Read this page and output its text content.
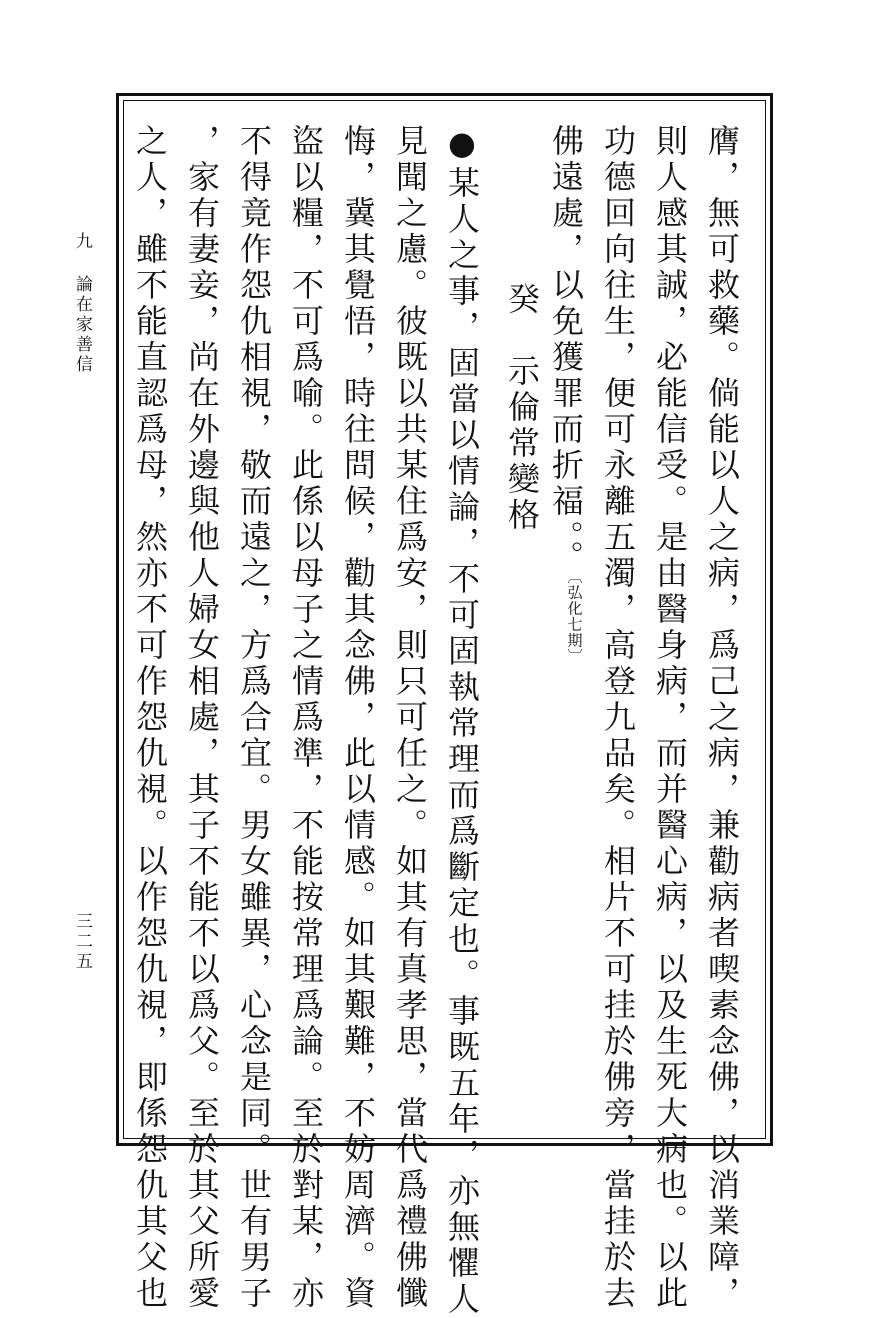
九 論在家善信
三二五	膺，無可救藥。倘能以人之病，爲己之病，兼勸病者喫素念佛，以消業障，
則人感其誠，必能信受。是由醫身病，而并醫心病，以及生死大病也。以此
功德回向往生，便可永離五濁，高登九品矣。相片不可挂於佛旁，當挂於去
佛遠處，以免獲罪而折福。。〔弘化七期〕
癸　示倫常變格
●某人之事，固當以情論，不可固執常理而爲斷定也。事既五年，亦無懼人
見聞之慮。彼既以共某住爲安，則只可任之。如其有真孝思，當代爲禮佛懺
悔，冀其覺悟，時往問候，勸其念佛，此以情感。如其艱難，不妨周濟。資
盜以糧，不可爲喻。此係以母子之情爲準，不能按常理爲論。至於對某，亦
不得竟作怨仇相視，敬而遠之，方爲合宜。男女雖異，心念是同。世有男子
，家有妻妾，尚在外邊與他人婦女相處，其子不能不以爲父。至於其父所愛
之人，雖不能直認爲母，然亦不可作怨仇視。以作怨仇視，即係怨仇其父也
